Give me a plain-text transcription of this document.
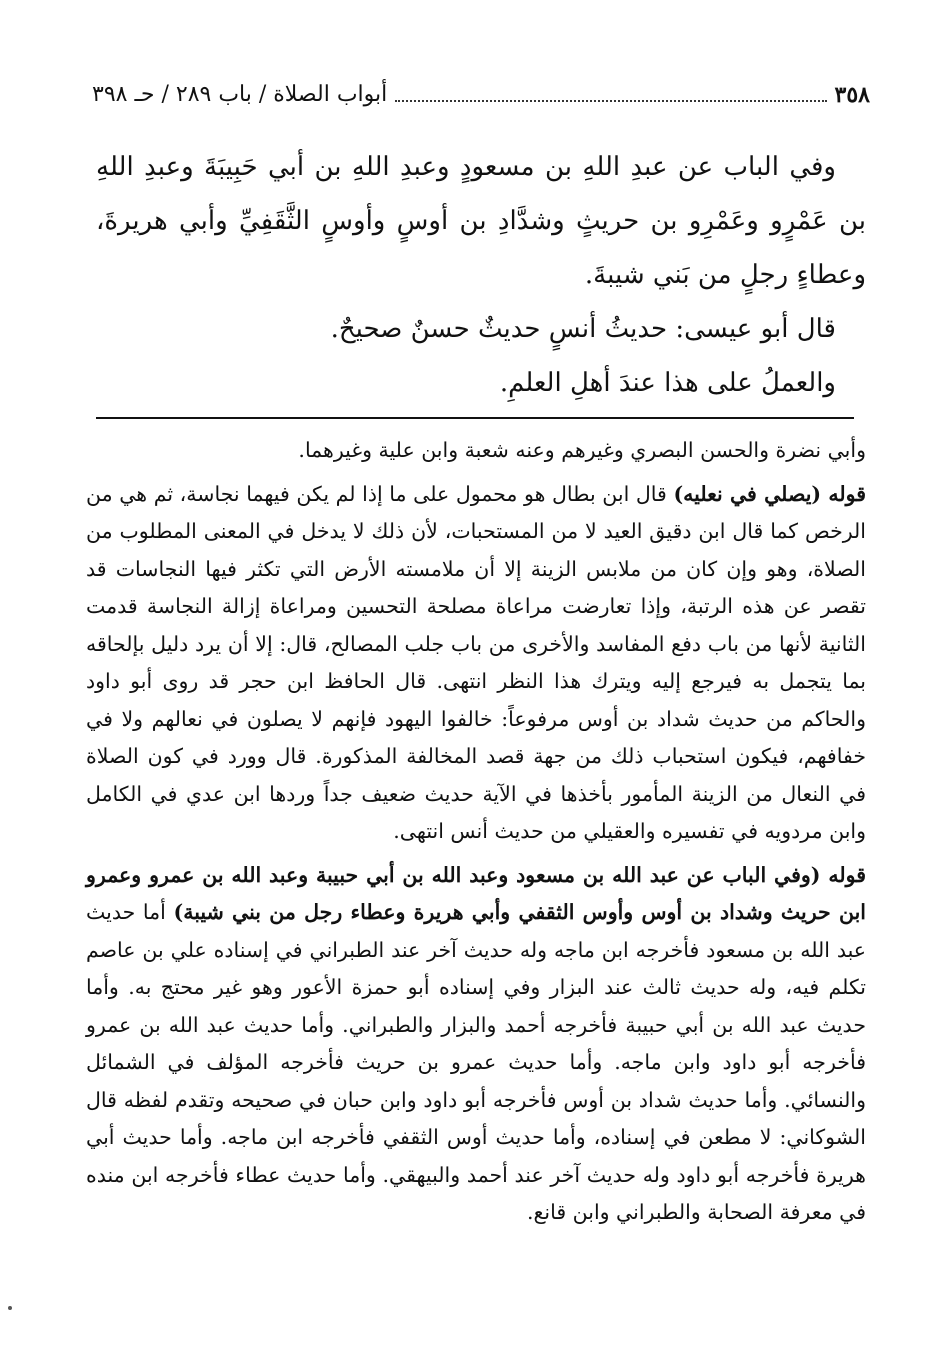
٣٥٨
أبواب الصلاة / باب ٢٨٩ / حـ ٣٩٨

وفي الباب عن عبدِ اللهِ بن مسعودٍ وعبدِ اللهِ بن أبي حَبِيبَةَ وعبدِ اللهِ بن عَمْرٍو وعَمْرِو بن حريثٍ وشدَّادِ بن أوسٍ وأوسٍ الثَّقَفِيِّ وأبي هريرةَ، وعطاءٍ رجلٍ من بَني شيبةَ.

قال أبو عيسى: حديثُ أنسٍ حديثٌ حسنٌ صحيحٌ.

والعملُ على هذا عندَ أهلِ العلمِ.

وأبي نضرة والحسن البصري وغيرهم وعنه شعبة وابن علية وغيرهما.

قوله (يصلي في نعليه) قال ابن بطال هو محمول على ما إذا لم يكن فيهما نجاسة، ثم هي من الرخص كما قال ابن دقيق العيد لا من المستحبات، لأن ذلك لا يدخل في المعنى المطلوب من الصلاة، وهو وإن كان من ملابس الزينة إلا أن ملامسته الأرض التي تكثر فيها النجاسات قد تقصر عن هذه الرتبة، وإذا تعارضت مراعاة مصلحة التحسين ومراعاة إزالة النجاسة قدمت الثانية لأنها من باب دفع المفاسد والأخرى من باب جلب المصالح، قال: إلا أن يرد دليل بإلحاقه بما يتجمل به فيرجع إليه ويترك هذا النظر انتهى. قال الحافظ ابن حجر قد روى أبو داود والحاكم من حديث شداد بن أوس مرفوعاً: خالفوا اليهود فإنهم لا يصلون في نعالهم ولا في خفافهم، فيكون استحباب ذلك من جهة قصد المخالفة المذكورة. قال وورد في كون الصلاة في النعال من الزينة المأمور بأخذها في الآية حديث ضعيف جداً وردها ابن عدي في الكامل وابن مردويه في تفسيره والعقيلي من حديث أنس انتهى.

قوله (وفي الباب عن عبد الله بن مسعود وعبد الله بن أبي حبيبة وعبد الله بن عمرو وعمرو ابن حريث وشداد بن أوس وأوس الثقفي وأبي هريرة وعطاء رجل من بني شيبة) أما حديث عبد الله بن مسعود فأخرجه ابن ماجه وله حديث آخر عند الطبراني في إسناده علي بن عاصم تكلم فيه، وله حديث ثالث عند البزار وفي إسناده أبو حمزة الأعور وهو غير محتج به. وأما حديث عبد الله بن أبي حبيبة فأخرجه أحمد والبزار والطبراني. وأما حديث عبد الله بن عمرو فأخرجه أبو داود وابن ماجه. وأما حديث عمرو بن حريث فأخرجه المؤلف في الشمائل والنسائي. وأما حديث شداد بن أوس فأخرجه أبو داود وابن حبان في صحيحه وتقدم لفظه قال الشوكاني: لا مطعن في إسناده، وأما حديث أوس الثقفي فأخرجه ابن ماجه. وأما حديث أبي هريرة فأخرجه أبو داود وله حديث آخر عند أحمد والبيهقي. وأما حديث عطاء فأخرجه ابن منده في معرفة الصحابة والطبراني وابن قانع.
